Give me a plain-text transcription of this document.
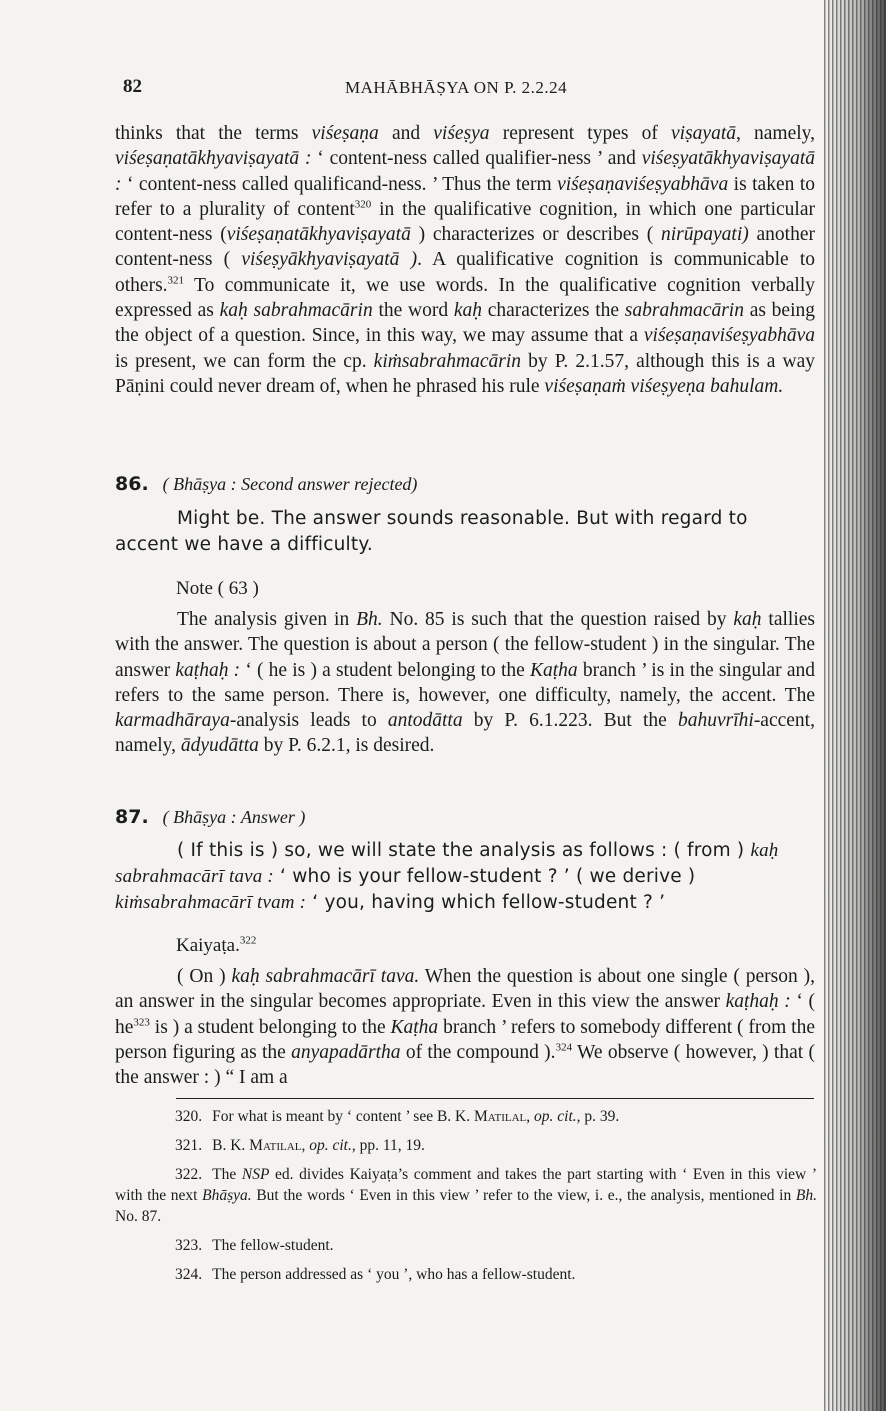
82	MAHĀBHĀṢYA ON P. 2.2.24

thinks that the terms viśeṣaṇa and viśeṣya represent types of viṣayatā, namely, viśeṣaṇatākhyaviṣayatā : ‘ content-ness called qualifier-ness ’ and viśeṣyatākhyaviṣayatā : ‘ content-ness called qualificand-ness. ’ Thus the term viśeṣaṇaviśeṣyabhāva is taken to refer to a plurality of content$^{320}$ in the qualificative cognition, in which one particular content-ness (viśeṣaṇatākhyaviṣayatā ) characterizes or describes ( nirūpayati) another content-ness ( viśeṣyākhyaviṣayatā ). A qualificative cognition is communicable to others.$^{321}$ To communicate it, we use words. In the qualificative cognition verbally expressed as kaḥ sabrahmacārin the word kaḥ characterizes the sabrahmacārin as being the object of a question. Since, in this way, we may assume that a viśeṣaṇaviśeṣyabhāva is present, we can form the cp. kiṁsabrahmacārin by P. 2.1.57, although this is a way Pāṇini could never dream of, when he phrased his rule viśeṣaṇaṁ viśeṣyeṇa bahulam.

86. ( Bhāṣya : Second answer rejected)

Might be. The answer sounds reasonable. But with regard to accent we have a difficulty.

Note ( 63 )

The analysis given in Bh. No. 85 is such that the question raised by kaḥ tallies with the answer. The question is about a person ( the fellow-student ) in the singular. The answer kaṭhaḥ : ‘ ( he is ) a student belonging to the Kaṭha branch ’ is in the singular and refers to the same person. There is, however, one difficulty, namely, the accent. The karmadhāraya-analysis leads to antodātta by P. 6.1.223. But the bahuvrīhi-accent, namely, ādyudātta by P. 6.2.1, is desired.

87. ( Bhāṣya : Answer )

( If this is ) so, we will state the analysis as follows : ( from ) kaḥ sabrahmacārī tava : ‘ who is your fellow-student ? ’ ( we derive ) kiṁsabrahmacārī tvam : ‘ you, having which fellow-student ? ’

Kaiyaṭa.$^{322}$

( On ) kaḥ sabrahmacārī tava. When the question is about one single ( person ), an answer in the singular becomes appropriate. Even in this view the answer kaṭhaḥ : ‘ ( $he^{323}$ is ) a student belonging to the Kaṭha branch ’ refers to somebody different ( from the person figuring as the anyapadārtha of the compound ).$^{324}$ We observe ( however, ) that ( the answer : ) “ I am a

320. For what is meant by ‘ content ’ see B. K. Matilal, op. cit., p. 39.

321. B. K. Matilal, op. cit., pp. 11, 19.

322. The NSP ed. divides Kaiyaṭa’s comment and takes the part starting with ‘ Even in this view ’ with the next Bhāṣya. But the words ‘ Even in this view ’ refer to the view, i. e., the analysis, mentioned in Bh. No. 87.

323. The fellow-student.

324. The person addressed as ‘ you ’, who has a fellow-student.
